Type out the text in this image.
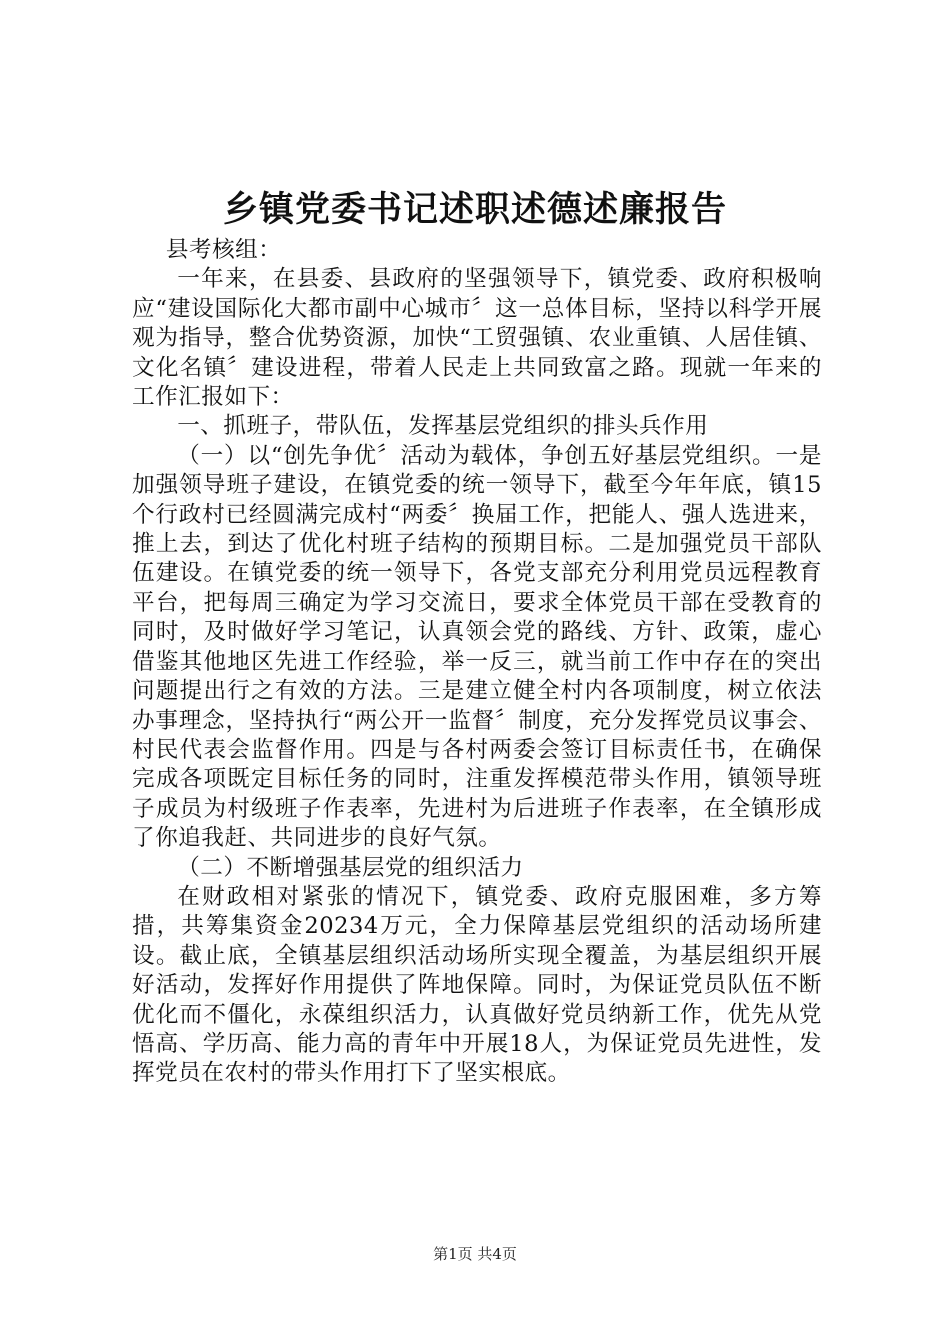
乡镇党委书记述职述德述廉报告

县考核组：

一年来，在县委、县政府的坚强领导下，镇党委、政府积极响应“建设国际化大都市副中心城市〞这一总体目标，坚持以科学开展观为指导，整合优势资源，加快“工贸强镇、农业重镇、人居佳镇、文化名镇〞建设进程，带着人民走上共同致富之路。现就一年来的工作汇报如下：

一、抓班子，带队伍，发挥基层党组织的排头兵作用

（一）以“创先争优〞活动为载体，争创五好基层党组织。一是加强领导班子建设，在镇党委的统一领导下，截至今年年底，镇15个行政村已经圆满完成村“两委〞换届工作，把能人、强人选进来，推上去，到达了优化村班子结构的预期目标。二是加强党员干部队伍建设。在镇党委的统一领导下，各党支部充分利用党员远程教育平台，把每周三确定为学习交流日，要求全体党员干部在受教育的同时，及时做好学习笔记，认真领会党的路线、方针、政策，虚心借鉴其他地区先进工作经验，举一反三，就当前工作中存在的突出问题提出行之有效的方法。三是建立健全村内各项制度，树立依法办事理念，坚持执行“两公开一监督〞制度，充分发挥党员议事会、村民代表会监督作用。四是与各村两委会签订目标责任书，在确保完成各项既定目标任务的同时，注重发挥模范带头作用，镇领导班子成员为村级班子作表率，先进村为后进班子作表率，在全镇形成了你追我赶、共同进步的良好气氛。

（二）不断增强基层党的组织活力

在财政相对紧张的情况下，镇党委、政府克服困难，多方筹措，共筹集资金20234万元，全力保障基层党组织的活动场所建设。截止底，全镇基层组织活动场所实现全覆盖，为基层组织开展好活动，发挥好作用提供了阵地保障。同时，为保证党员队伍不断优化而不僵化，永葆组织活力，认真做好党员纳新工作，优先从党悟高、学历高、能力高的青年中开展18人，为保证党员先进性，发挥党员在农村的带头作用打下了坚实根底。

第1页 共4页
